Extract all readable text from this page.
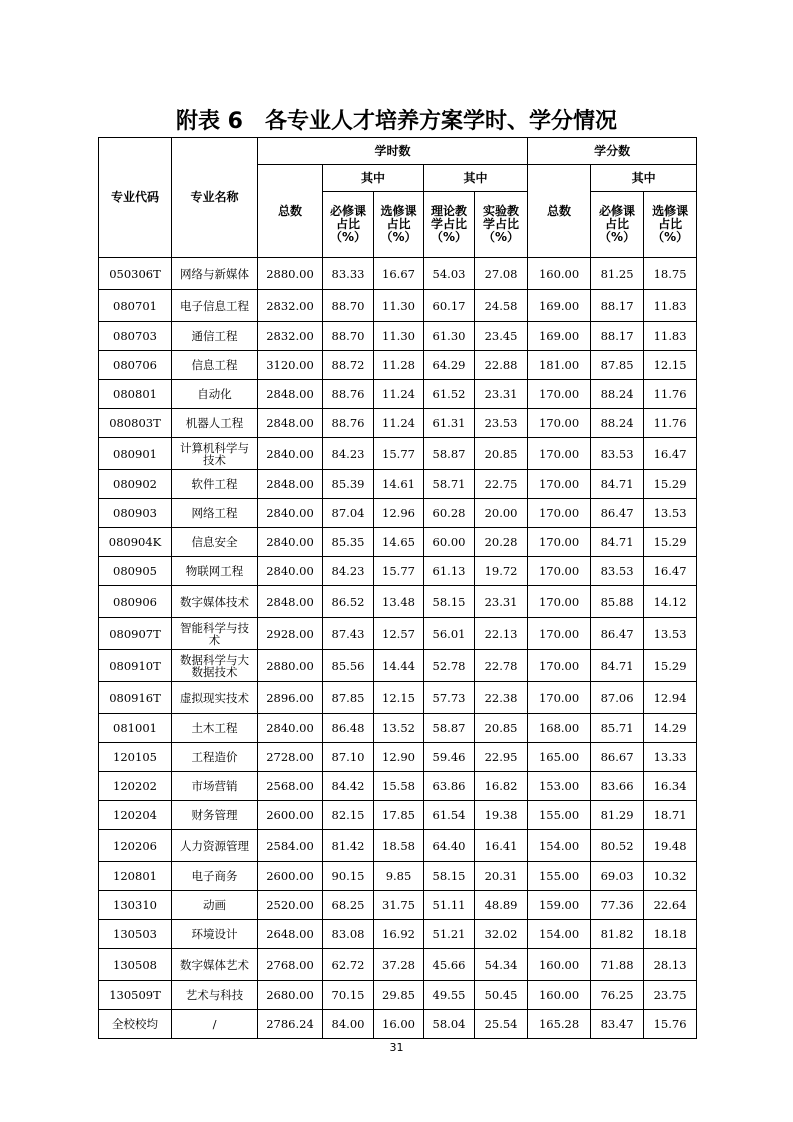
附表 6　各专业人才培养方案学时、学分情况
专业代码	专业名称	学时数					学分数		
		总数	其中		其中		总数	其中	

			必修课占比（%）	选修课占比（%）	理论教学占比（%）	实验教学占比（%）		必修课占比（%）	选修课占比（%）

050306T	网络与新媒体	2880.00	83.33	16.67	54.03	27.08	160.00	81.25	18.75
080701	电子信息工程	2832.00	88.70	11.30	60.17	24.58	169.00	88.17	11.83
080703	通信工程	2832.00	88.70	11.30	61.30	23.45	169.00	88.17	11.83
080706	信息工程	3120.00	88.72	11.28	64.29	22.88	181.00	87.85	12.15
080801	自动化	2848.00	88.76	11.24	61.52	23.31	170.00	88.24	11.76
080803T	机器人工程	2848.00	88.76	11.24	61.31	23.53	170.00	88.24	11.76
080901	计算机科学与技术	2840.00	84.23	15.77	58.87	20.85	170.00	83.53	16.47
080902	软件工程	2848.00	85.39	14.61	58.71	22.75	170.00	84.71	15.29
080903	网络工程	2840.00	87.04	12.96	60.28	20.00	170.00	86.47	13.53
080904K	信息安全	2840.00	85.35	14.65	60.00	20.28	170.00	84.71	15.29
080905	物联网工程	2840.00	84.23	15.77	61.13	19.72	170.00	83.53	16.47
080906	数字媒体技术	2848.00	86.52	13.48	58.15	23.31	170.00	85.88	14.12
080907T	智能科学与技术	2928.00	87.43	12.57	56.01	22.13	170.00	86.47	13.53
080910T	数据科学与大数据技术	2880.00	85.56	14.44	52.78	22.78	170.00	84.71	15.29
080916T	虚拟现实技术	2896.00	87.85	12.15	57.73	22.38	170.00	87.06	12.94
081001	土木工程	2840.00	86.48	13.52	58.87	20.85	168.00	85.71	14.29
120105	工程造价	2728.00	87.10	12.90	59.46	22.95	165.00	86.67	13.33
120202	市场营销	2568.00	84.42	15.58	63.86	16.82	153.00	83.66	16.34
120204	财务管理	2600.00	82.15	17.85	61.54	19.38	155.00	81.29	18.71
120206	人力资源管理	2584.00	81.42	18.58	64.40	16.41	154.00	80.52	19.48
120801	电子商务	2600.00	90.15	9.85	58.15	20.31	155.00	69.03	10.32
130310	动画	2520.00	68.25	31.75	51.11	48.89	159.00	77.36	22.64
130503	环境设计	2648.00	83.08	16.92	51.21	32.02	154.00	81.82	18.18
130508	数字媒体艺术	2768.00	62.72	37.28	45.66	54.34	160.00	71.88	28.13
130509T	艺术与科技	2680.00	70.15	29.85	49.55	50.45	160.00	76.25	23.75
全校校均	/	2786.24	84.00	16.00	58.04	25.54	165.28	83.47	15.76
31
